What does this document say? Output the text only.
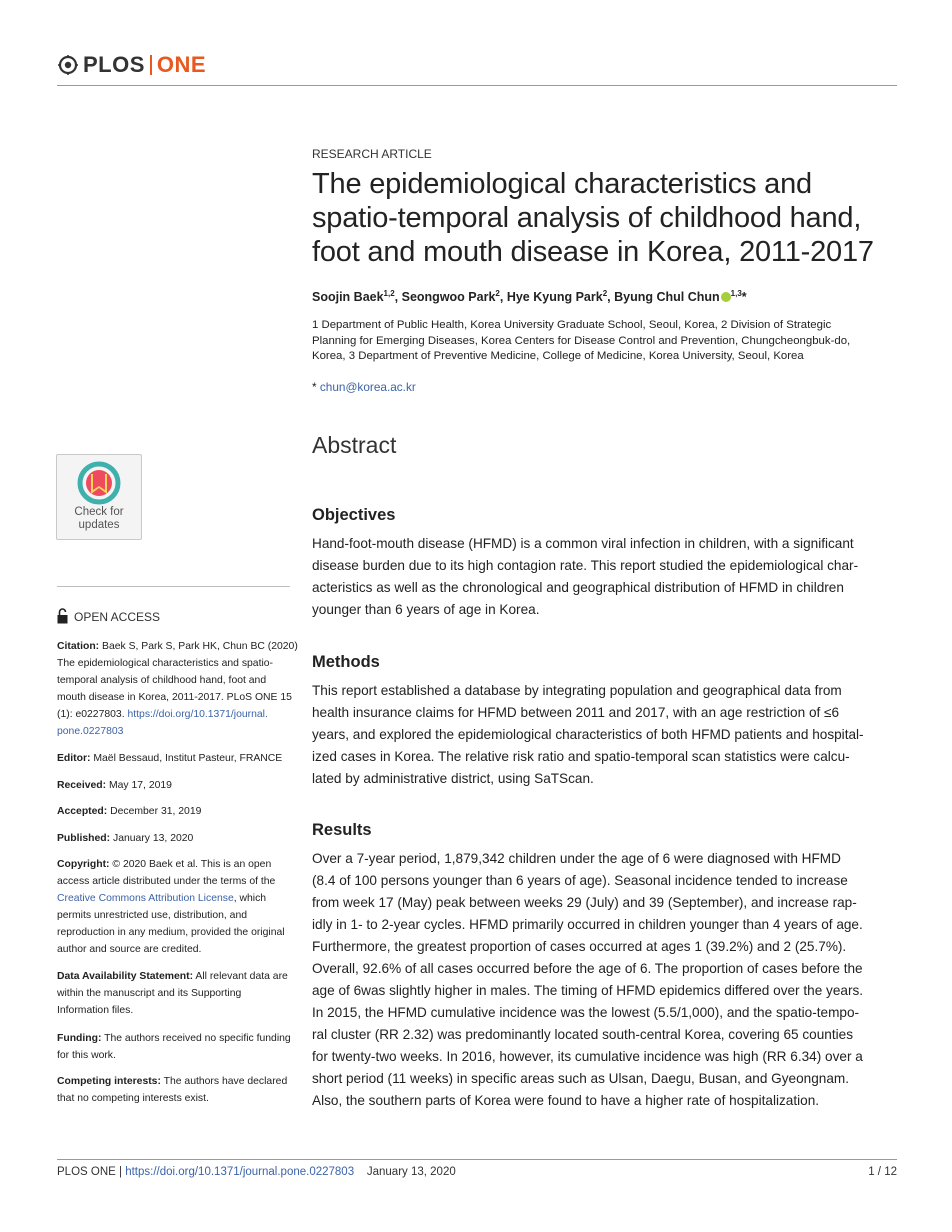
PLOS ONE
RESEARCH ARTICLE
The epidemiological characteristics and spatio-temporal analysis of childhood hand, foot and mouth disease in Korea, 2011-2017
Soojin Baek$^{1,2}$, Seongwoo Park$^2$, Hye Kyung Park$^2$, Byung Chul Chun $^{1,3}$*
1 Department of Public Health, Korea University Graduate School, Seoul, Korea, 2 Division of Strategic
Planning for Emerging Diseases, Korea Centers for Disease Control and Prevention, Chungcheongbuk-do,
Korea, 3 Department of Preventive Medicine, College of Medicine, Korea University, Seoul, Korea
* chun@korea.ac.kr
Abstract
Objectives

Hand-foot-mouth disease (HFMD) is a common viral infection in children, with a significant

disease burden due to its high contagion rate. This report studied the epidemiological char-

acteristics as well as the chronological and geographical distribution of HFMD in children

younger than 6 years of age in Korea.

Methods

This report established a database by integrating population and geographical data from

health insurance claims for HFMD between 2011 and 2017, with an age restriction of ≤6

years, and explored the epidemiological characteristics of both HFMD patients and hospital-

ized cases in Korea. The relative risk ratio and spatio-temporal scan statistics were calcu-

lated by administrative district, using SaTScan.

Results

Over a 7-year period, 1,879,342 children under the age of 6 were diagnosed with HFMD

(8.4 of 100 persons younger than 6 years of age). Seasonal incidence tended to increase

from week 17 (May) peak between weeks 29 (July) and 39 (September), and increase rap-

idly in 1- to 2-year cycles. HFMD primarily occurred in children younger than 4 years of age.

Furthermore, the greatest proportion of cases occurred at ages 1 (39.2%) and 2 (25.7%).

Overall, 92.6% of all cases occurred before the age of 6. The proportion of cases before the

age of 6was slightly higher in males. The timing of HFMD epidemics differed over the years.

In 2015, the HFMD cumulative incidence was the lowest (5.5/1,000), and the spatio-tempo-

ral cluster (RR 2.32) was predominantly located south-central Korea, covering 65 counties

for twenty-two weeks. In 2016, however, its cumulative incidence was high (RR 6.34) over a

short period (11 weeks) in specific areas such as Ulsan, Daegu, Busan, and Gyeongnam.

Also, the southern parts of Korea were found to have a higher rate of hospitalization.

Check for
updates
OPEN ACCESS

Citation: Baek S, Park S, Park HK, Chun BC (2020)

The epidemiological characteristics and spatio-

temporal analysis of childhood hand, foot and

mouth disease in Korea, 2011-2017. PLoS ONE 15

(1): e0227803. https://doi.org/10.1371/journal.

pone.0227803

Editor: Maël Bessaud, Institut Pasteur, FRANCE

Received: May 17, 2019

Accepted: December 31, 2019

Published: January 13, 2020

Copyright: © 2020 Baek et al. This is an open

access article distributed under the terms of the

Creative Commons Attribution License, which

permits unrestricted use, distribution, and

reproduction in any medium, provided the original

author and source are credited.

Data Availability Statement: All relevant data are

within the manuscript and its Supporting

Information files.

Funding: The authors received no specific funding

for this work.

Competing interests: The authors have declared

that no competing interests exist.

PLOS ONE | https://doi.org/10.1371/journal.pone.0227803 January 13, 2020	1 / 12
